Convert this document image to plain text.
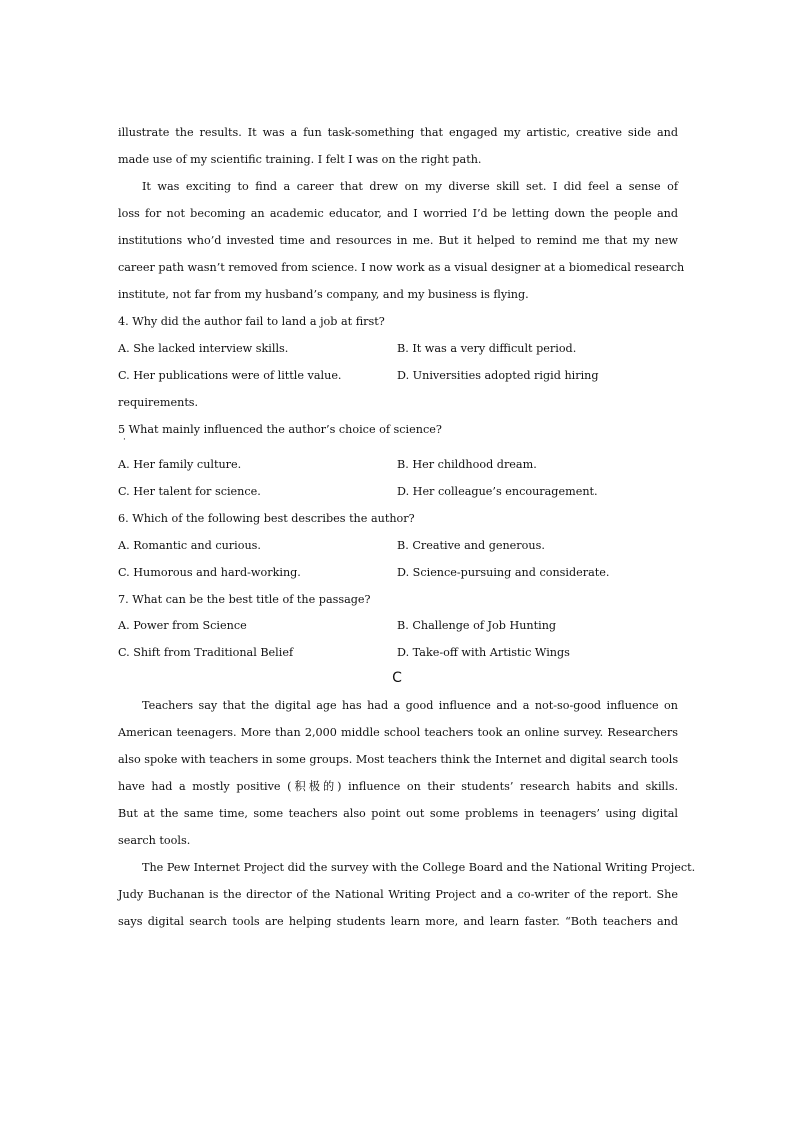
illustrate the results. It was a fun task-something that engaged my artistic, creative side and
made use of my scientific training. I felt I was on the right path.
It was exciting to find a career that drew on my diverse skill set. I did feel a sense of
loss for not becoming an academic educator, and I worried I’d be letting down the people and
institutions who’d invested time and resources in me. But it helped to remind me that my new
career path wasn’t removed from science. I now work as a visual designer at a biomedical research
institute, not far from my husband’s company, and my business is flying.
4. Why did the author fail to land a job at first?
A. She lacked interview skills.	B. It was a very difficult period.
C. Her publications were of little value.	D. Universities adopted rigid hiring
requirements.
5 What mainly influenced the author’s choice of science?
·
A. Her family culture.	B. Her childhood dream.
C. Her talent for science.	D. Her colleague’s encouragement.
6. Which of the following best describes the author?
A. Romantic and curious.	B. Creative and generous.
C. Humorous and hard-working.	D. Science-pursuing and considerate.
7. What can be the best title of the passage?
A. Power from Science	B. Challenge of Job Hunting
C. Shift from Traditional Belief	D. Take-off with Artistic Wings
C
Teachers say that the digital age has had a good influence and a not-so-good influence on
American teenagers. More than 2,000 middle school teachers took an online survey. Researchers
also spoke with teachers in some groups. Most teachers think the Internet and digital search tools
have had a mostly positive (积极的) influence on their students’ research habits and skills.
But at the same time, some teachers also point out some problems in teenagers’ using digital
search tools.
The Pew Internet Project did the survey with the College Board and the National Writing Project.
Judy Buchanan is the director of the National Writing Project and a co-writer of the report. She
says digital search tools are helping students learn more, and learn faster. “Both teachers and
